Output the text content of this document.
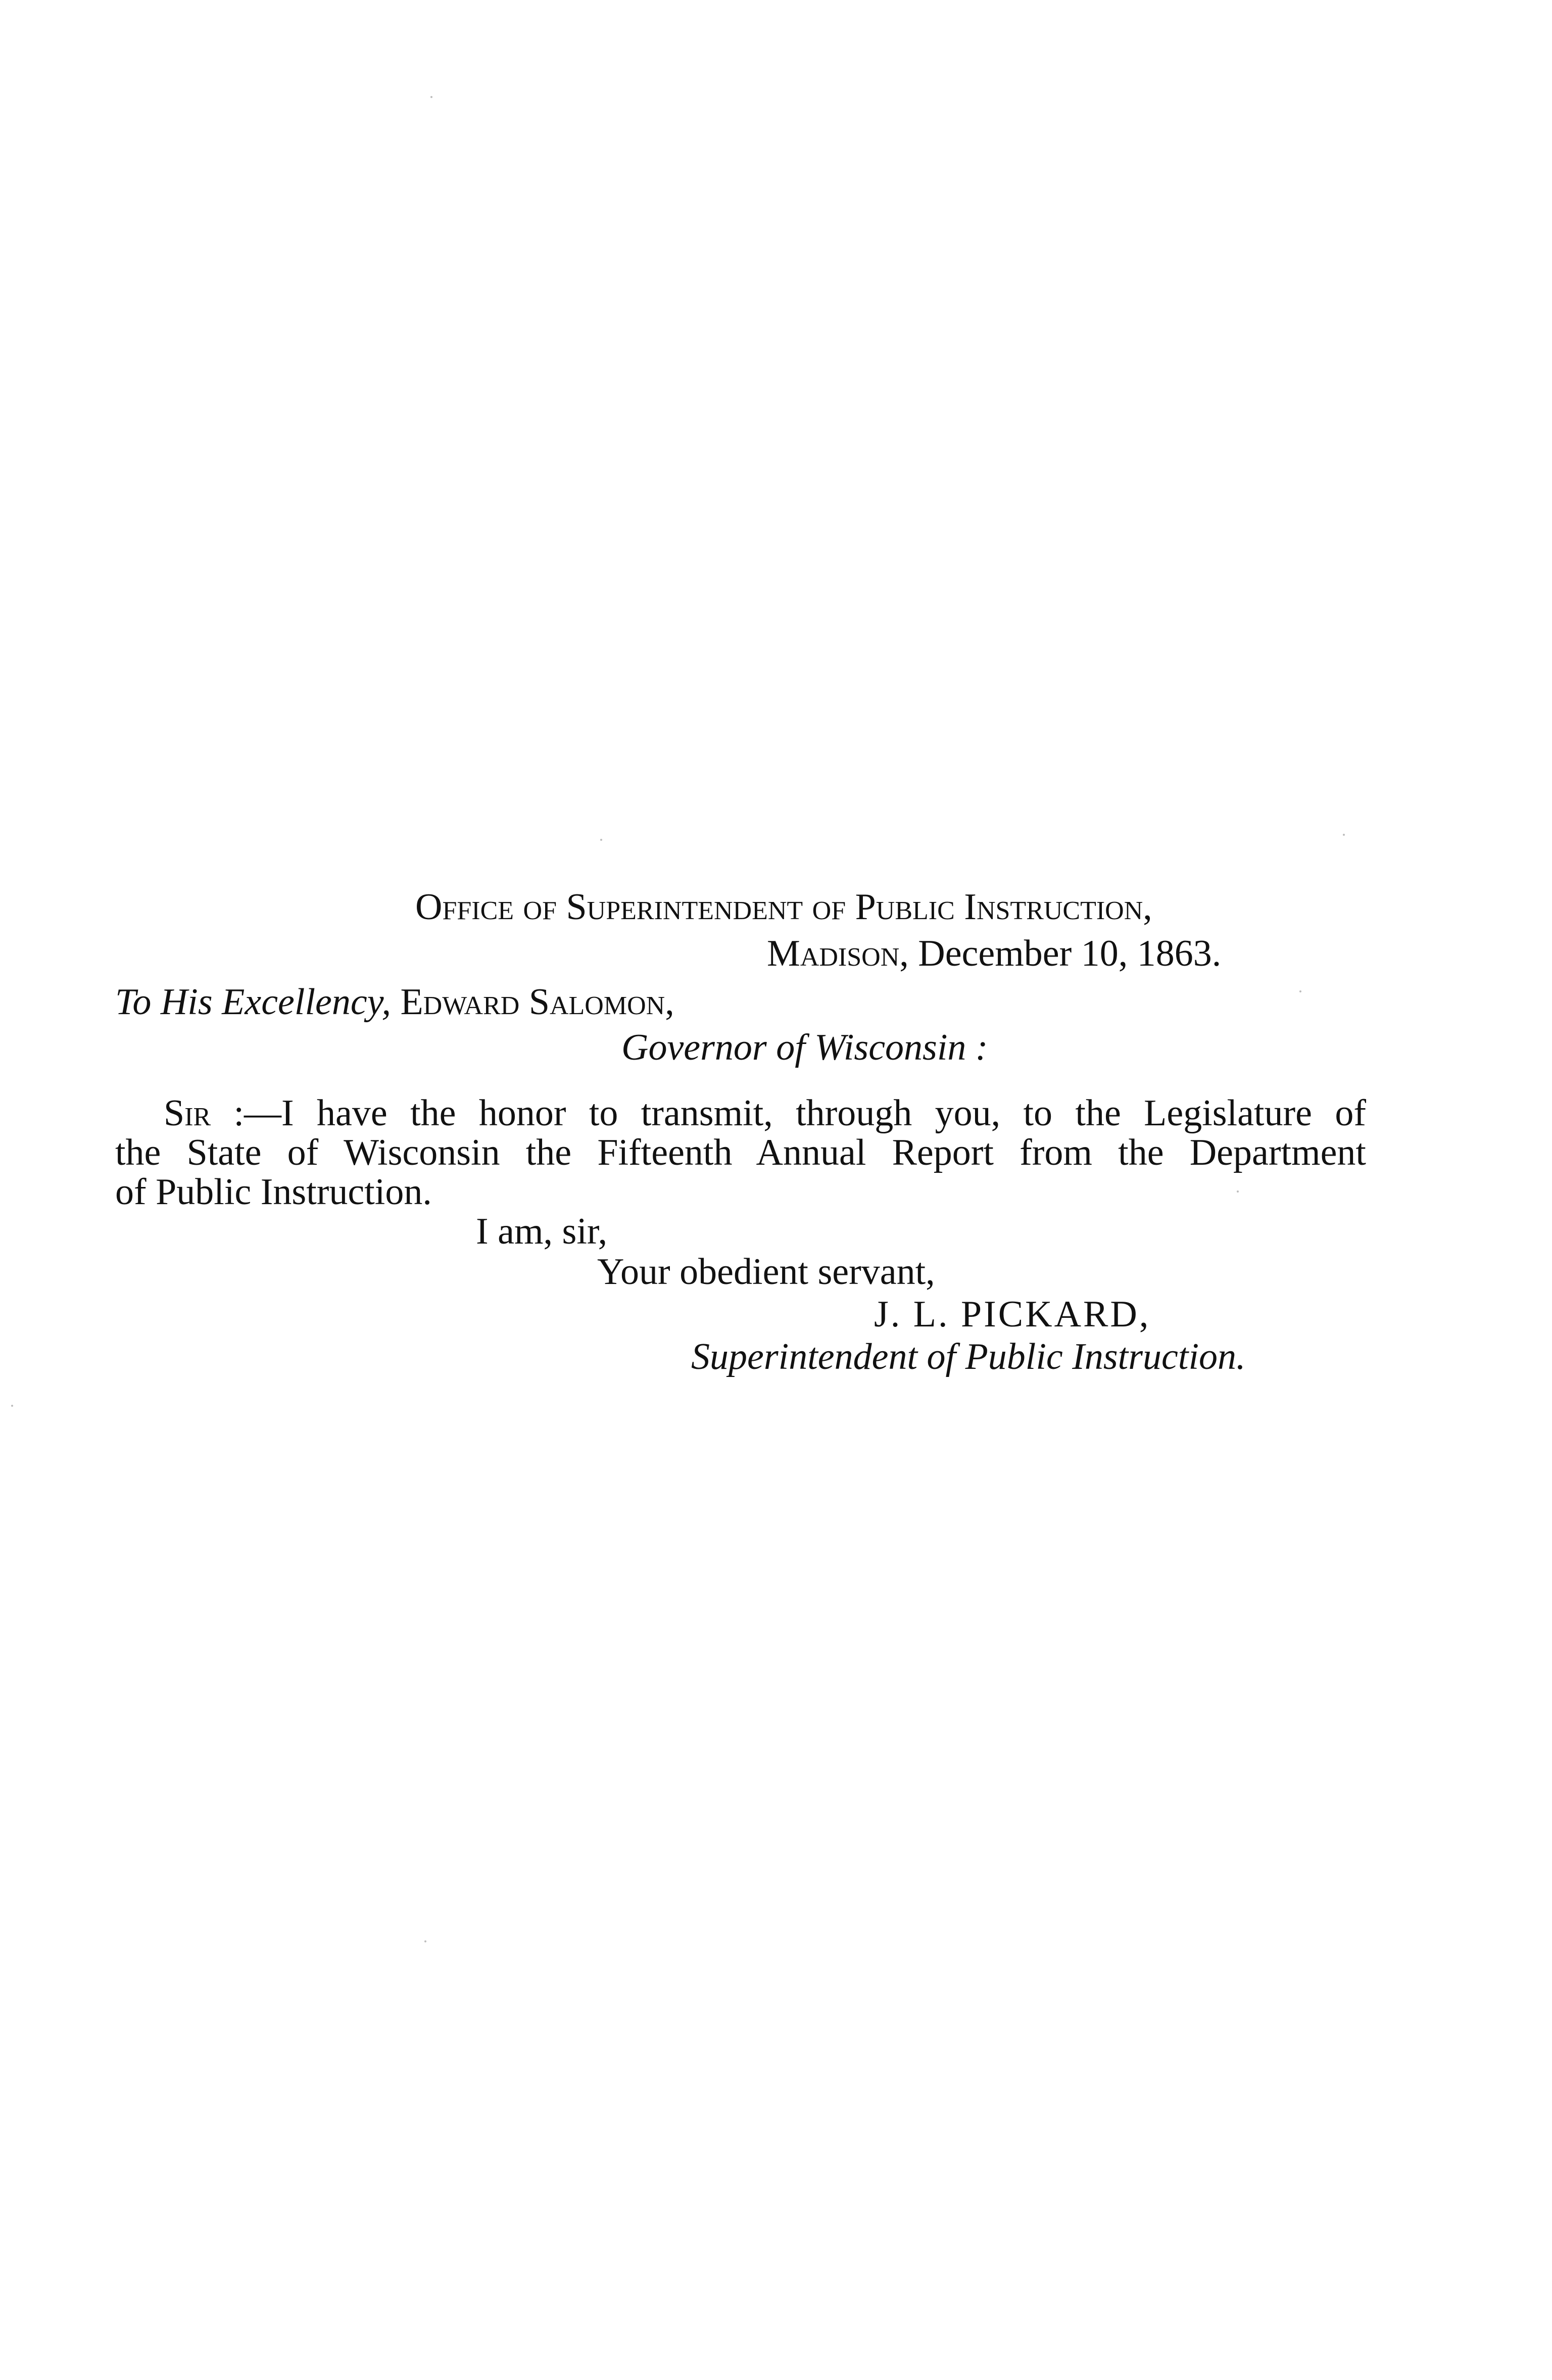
Office of Superintendent of Public Instruction,
Madison, December 10, 1863.
To His Excellency, Edward Salomon,
Governor of Wisconsin :
Sir :—I have the honor to transmit, through you, to the Legislature of
the State of Wisconsin the Fifteenth Annual Report from the Department
of Public Instruction.
I am, sir,
Your obedient servant,
J. L. PICKARD,
Superintendent of Public Instruction.
